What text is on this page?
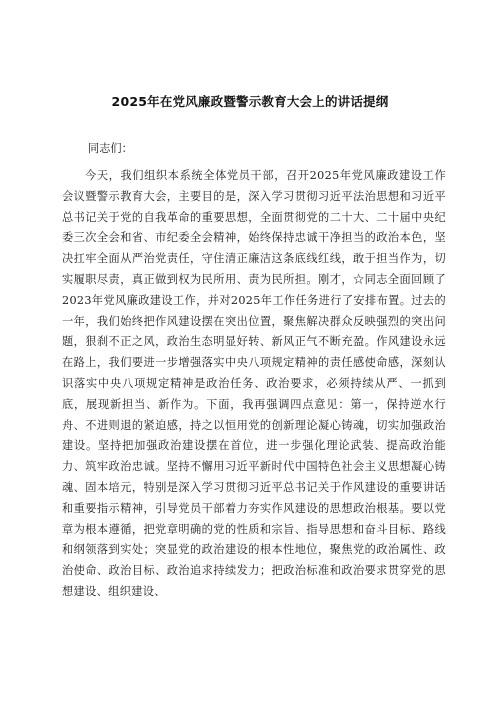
2025年在党风廉政暨警示教育大会上的讲话提纲

同志们：

今天，我们组织本系统全体党员干部，召开2025年党风廉政建设工作会议暨警示教育大会，主要目的是，深入学习贯彻习近平法治思想和习近平总书记关于党的自我革命的重要思想，全面贯彻党的二十大、二十届中央纪委三次全会和省、市纪委全会精神，始终保持忠诚干净担当的政治本色，坚决扛牢全面从严治党责任，守住清正廉洁这条底线红线，敢于担当作为，切实履职尽责，真正做到权为民所用、责为民所担。刚才，☆同志全面回顾了2023年党风廉政建设工作，并对2025年工作任务进行了安排布置。过去的一年，我们始终把作风建设摆在突出位置，聚焦解决群众反映强烈的突出问题，狠刹不正之风，政治生态明显好转、新风正气不断充盈。作风建设永远在路上，我们要进一步增强落实中央八项规定精神的责任感使命感，深刻认识落实中央八项规定精神是政治任务、政治要求，必须持续从严、一抓到底，展现新担当、新作为。下面，我再强调四点意见：第一，保持逆水行舟、不进则退的紧迫感，持之以恒用党的创新理论凝心铸魂，切实加强政治建设。坚持把加强政治建设摆在首位，进一步强化理论武装、提高政治能力、筑牢政治忠诚。坚持不懈用习近平新时代中国特色社会主义思想凝心铸魂、固本培元，特别是深入学习贯彻习近平总书记关于作风建设的重要讲话和重要指示精神，引导党员干部着力夯实作风建设的思想政治根基。要以党章为根本遵循，把党章明确的党的性质和宗旨、指导思想和奋斗目标、路线和纲领落到实处；突显党的政治建设的根本性地位，聚焦党的政治属性、政治使命、政治目标、政治追求持续发力；把政治标准和政治要求贯穿党的思想建设、组织建设、
